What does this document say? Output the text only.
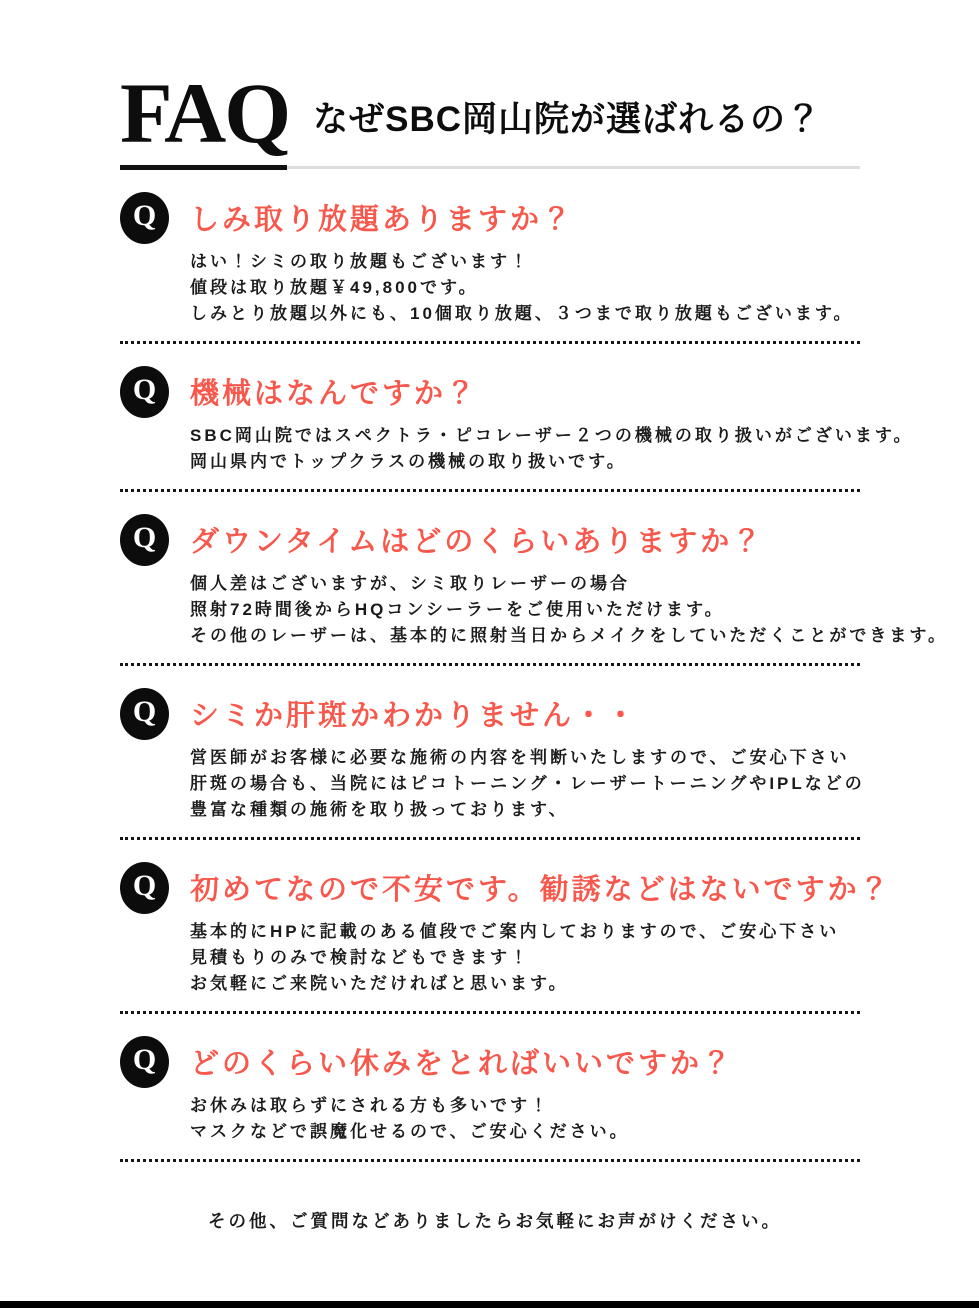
FAQ なぜSBC岡山院が選ばれるの？
Q	しみ取り放題ありますか？
はい！シミの取り放題もございます！
値段は取り放題￥49,800です。
しみとり放題以外にも、10個取り放題、３つまで取り放題もございます。
Q	機械はなんですか？
SBC岡山院ではスペクトラ・ピコレーザー２つの機械の取り扱いがございます。
岡山県内でトップクラスの機械の取り扱いです。
Q	ダウンタイムはどのくらいありますか？
個人差はございますが、シミ取りレーザーの場合
照射72時間後からHQコンシーラーをご使用いただけます。
その他のレーザーは、基本的に照射当日からメイクをしていただくことができます。
Q	シミか肝斑かわかりません・・
営医師がお客様に必要な施術の内容を判断いたしますので、ご安心下さい
肝斑の場合も、当院にはピコトーニング・レーザートーニングやIPLなどの
豊富な種類の施術を取り扱っております、
Q	初めてなので不安です。勧誘などはないですか？
基本的にHPに記載のある値段でご案内しておりますので、ご安心下さい
見積もりのみで検討などもできます！
お気軽にご来院いただければと思います。
Q	どのくらい休みをとればいいですか？
お休みは取らずにされる方も多いです！
マスクなどで誤魔化せるので、ご安心ください。

その他、ご質問などありましたらお気軽にお声がけください。
